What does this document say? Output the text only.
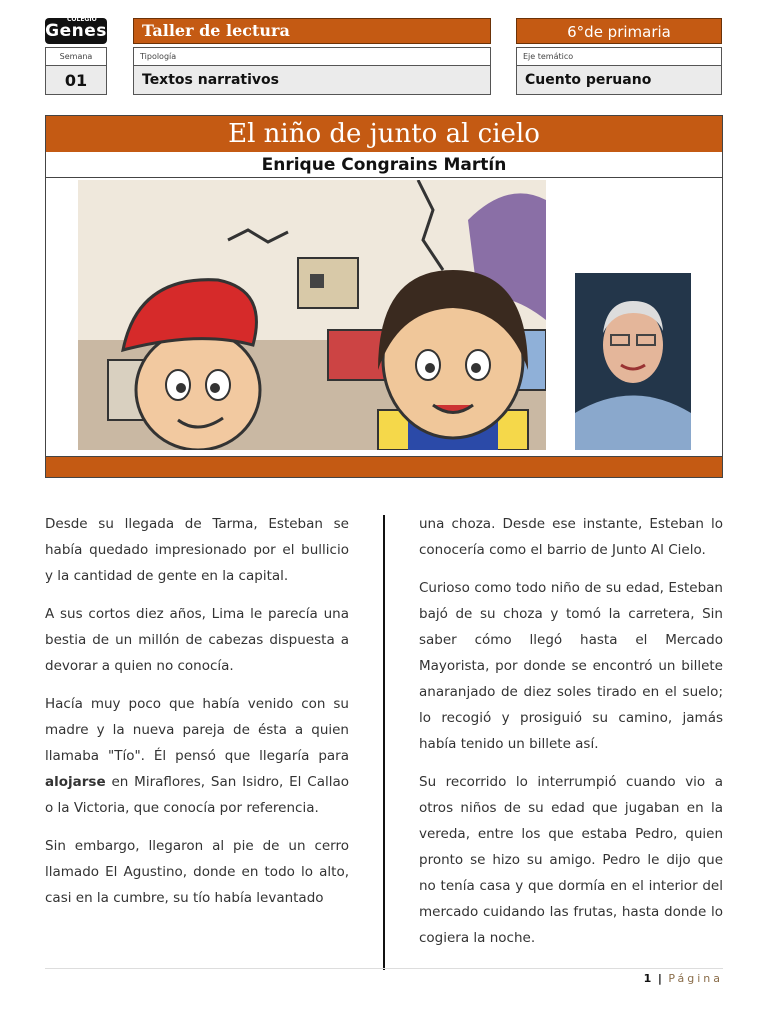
COLEGIO
Genes	Taller de lectura	6°de primaria
Semana
01
Tipología
Textos narrativos
Eje temático
Cuento peruano
El niño de junto al cielo
Enrique Congrains Martín

Desde su llegada de Tarma, Esteban se había quedado impresionado por el bullicio y la cantidad de gente en la capital.

A sus cortos diez años, Lima le parecía una bestia de un millón de cabezas dispuesta a devorar a quien no conocía.

Hacía muy poco que había venido con su madre y la nueva pareja de ésta a quien llamaba "Tío". Él pensó que llegaría para alojarse en Miraflores, San Isidro, El Callao o la Victoria, que conocía por referencia.

Sin embargo, llegaron al pie de un cerro llamado El Agustino, donde en todo lo alto, casi en la cumbre, su tío había levantado

una choza. Desde ese instante, Esteban lo conocería como el barrio de Junto Al Cielo.

Curioso como todo niño de su edad, Esteban bajó de su choza y tomó la carretera, Sin saber cómo llegó hasta el Mercado Mayorista, por donde se encontró un billete anaranjado de diez soles tirado en el suelo; lo recogió y prosiguió su camino, jamás había tenido un billete así.

Su recorrido lo interrumpió cuando vio a otros niños de su edad que jugaban en la vereda, entre los que estaba Pedro, quien pronto se hizo su amigo. Pedro le dijo que no tenía casa y que dormía en el interior del mercado cuidando las frutas, hasta donde lo cogiera la noche.

1 | Página
